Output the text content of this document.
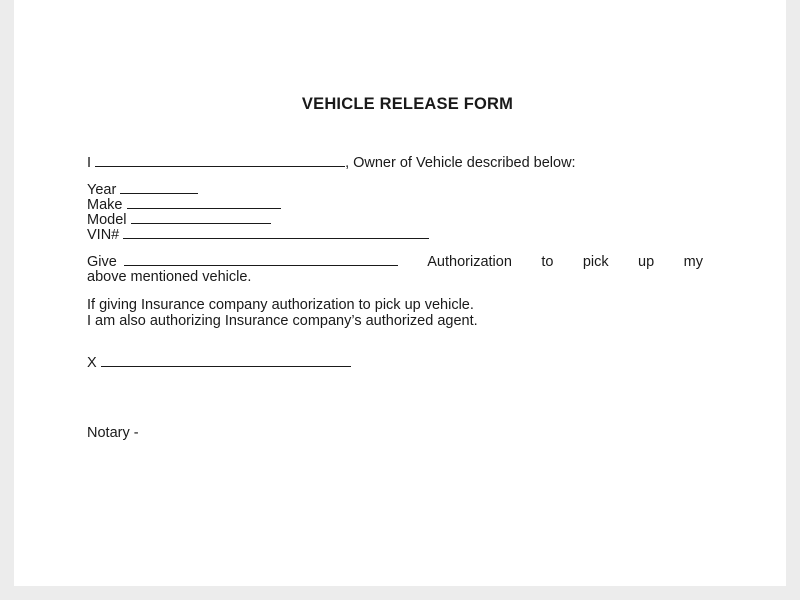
VEHICLE RELEASE FORM
I	, Owner of Vehicle described below:
Year
Make
Model
VIN#
Give	Authorization to pick up my
above mentioned vehicle.
If giving Insurance company authorization to pick up vehicle.
I am also authorizing Insurance company’s authorized agent.
X
Notary -
